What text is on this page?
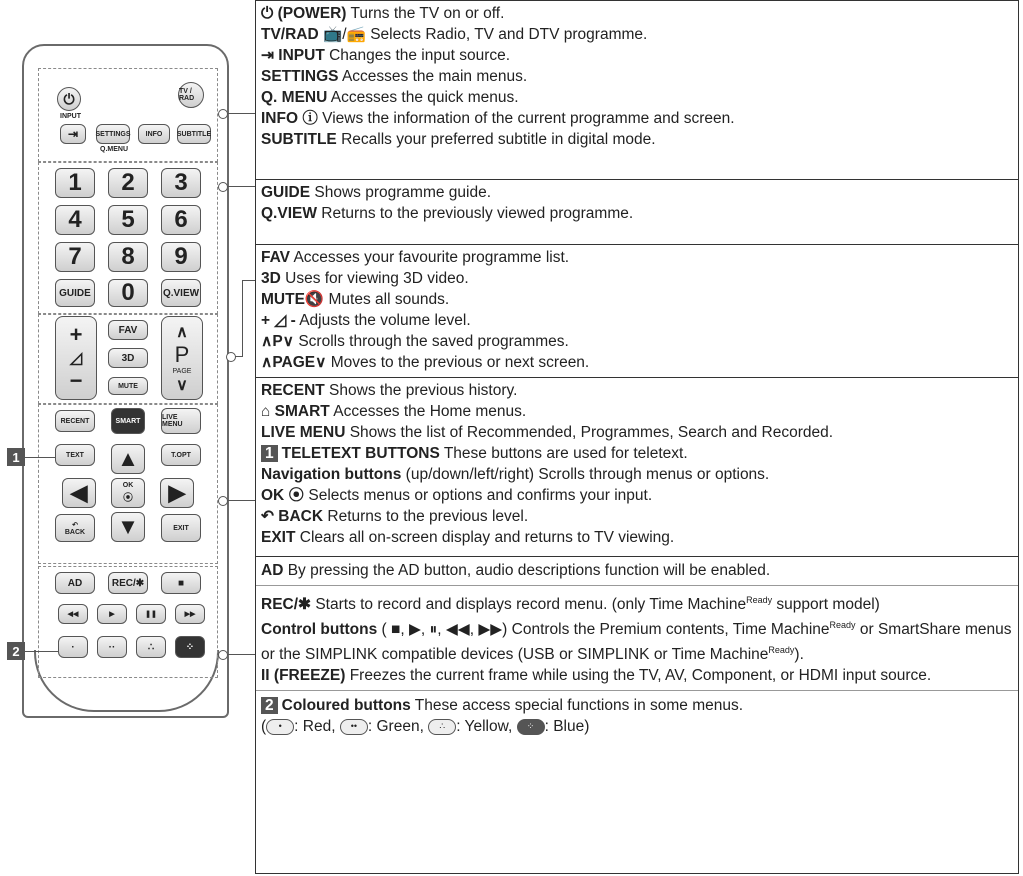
⏻
INPUT
TV / RAD
⇥	SETTINGS	INFO	SUBTITLE
Q.MENU
1	2	3
4	5	6
7	8	9
GUIDE	0	Q.VIEW
+
◿
−
FAV
3D
MUTE
∧
P
PAGE
∨
RECENT	SMART	LIVE MENU
TEXT	T.OPT
▲
◀	OK
⦿	▶
↶
BACK ▼	EXIT
AD	REC/✱	■
◀◀	▶	❚❚	▶▶
·	··	∴	⁘
1
2
⏻ (POWER) Turns the TV on or off.
TV/RAD 📺/📻 Selects Radio, TV and DTV programme.
⇥ INPUT Changes the input source.
SETTINGS Accesses the main menus.
Q. MENU Accesses the quick menus.
INFO ⓘ Views the information of the current programme and screen.
SUBTITLE Recalls your preferred subtitle in digital mode.
GUIDE Shows programme guide.
Q.VIEW Returns to the previously viewed programme.
FAV Accesses your favourite programme list.
3D Uses for viewing 3D video.
MUTE🔇 Mutes all sounds.
+ ◿ - Adjusts the volume level.
∧P∨ Scrolls through the saved programmes.
∧PAGE∨ Moves to the previous or next screen.
RECENT Shows the previous history.
⌂ SMART Accesses the Home menus.
LIVE MENU Shows the list of Recommended, Programmes, Search and Recorded.
1 TELETEXT BUTTONS These buttons are used for teletext.
Navigation buttons (up/down/left/right) Scrolls through menus or options.
OK ⦿ Selects menus or options and confirms your input.
↶ BACK Returns to the previous level.
EXIT Clears all on-screen display and returns to TV viewing.
AD By pressing the AD button, audio descriptions function will be enabled.
REC/✱ Starts to record and displays record menu. (only Time Machine$^{Ready}$ support model)
Control buttons ( ■, ▶, ⏸, ◀◀, ▶▶) Controls the Premium contents, Time Machine$^{Ready}$ or SmartShare menus or the SIMPLINK compatible devices (USB or SIMPLINK or Time Machine$^{Ready}$).
II (FREEZE) Freezes the current frame while using the TV, AV, Component, or HDMI input source.
2 Coloured buttons These access special functions in some menus.
( • : Red, •• : Green, ∴ : Yellow, ⁘ : Blue)
